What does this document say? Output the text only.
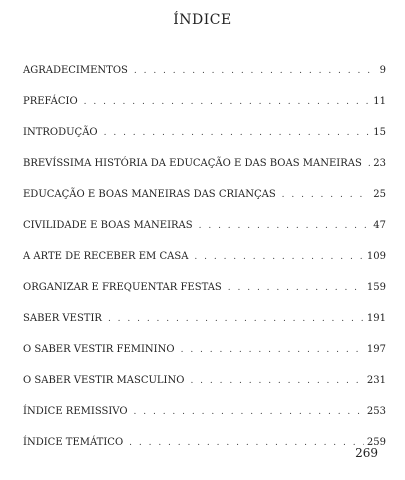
ÍNDICE
AGRADECIMENTOS . . .	9
PREFÁCIO . . .	11
INTRODUÇÃO . . .	15
BREVÍSSIMA HISTÓRIA DA EDUCAÇÃO E DAS BOAS MANEIRAS . . . 23
EDUCAÇÃO E BOAS MANEIRAS DAS CRIANÇAS . . .	25
CIVILIDADE E BOAS MANEIRAS . . .	47
A ARTE DE RECEBER EM CASA . . .	109
ORGANIZAR E FREQUENTAR FESTAS . . .	159
SABER VESTIR . . .	191
O SABER VESTIR FEMININO . . .	197
O SABER VESTIR MASCULINO . . .	231
ÍNDICE REMISSIVO . . .	253
ÍNDICE TEMÁTICO . . .	259
269
